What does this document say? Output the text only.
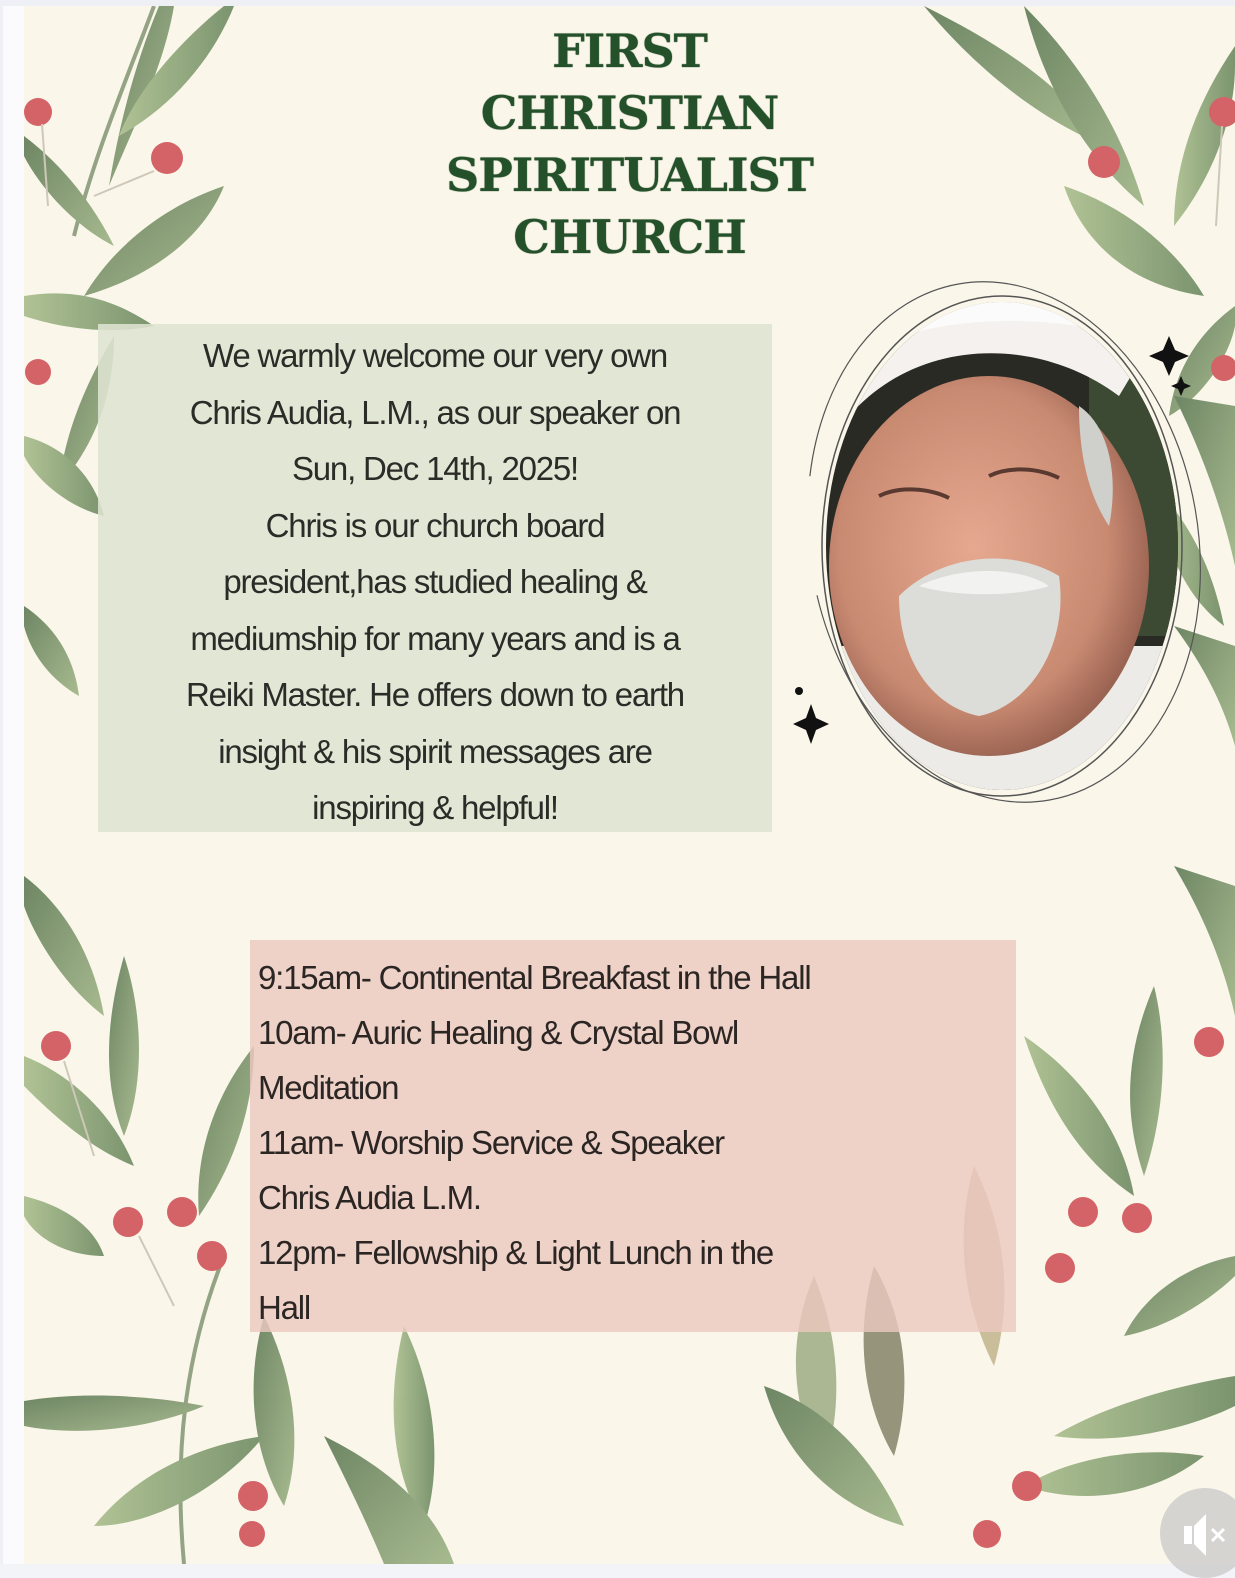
FIRST
CHRISTIAN
SPIRITUALIST
CHURCH
We warmly welcome our very own
Chris Audia, L.M., as our speaker on
Sun, Dec 14th, 2025!
Chris is our church board
president,has studied healing &
mediumship for many years and is a
Reiki Master. He offers down to earth
insight & his spirit messages are
inspiring & helpful!
9:15am- Continental Breakfast in the Hall
10am- Auric Healing & Crystal Bowl
Meditation
11am- Worship Service & Speaker
Chris Audia L.M.
12pm- Fellowship & Light Lunch in the
Hall
